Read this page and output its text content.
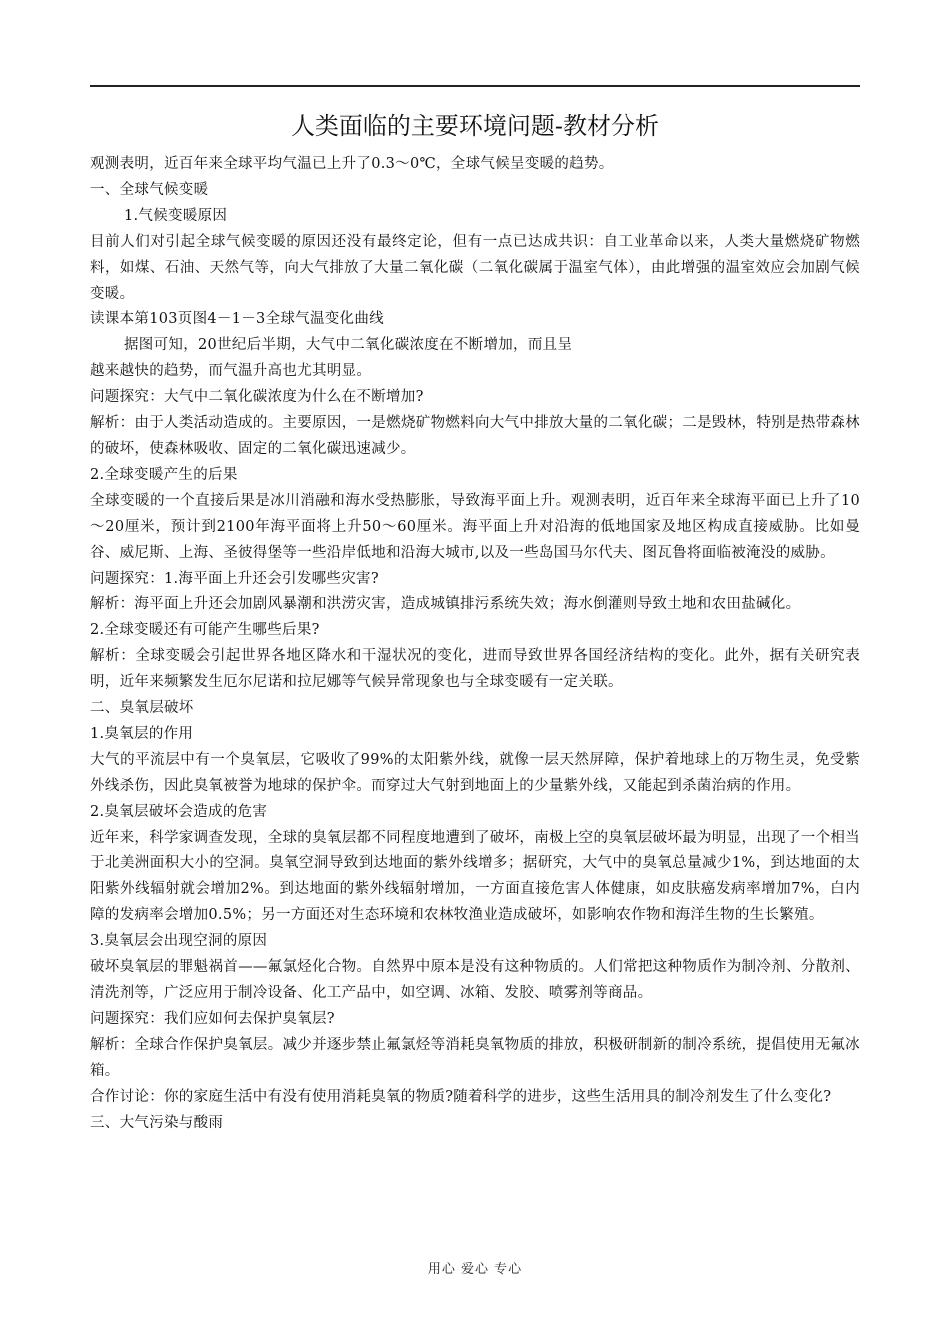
人类面临的主要环境问题-教材分析

观测表明，近百年来全球平均气温已上升了0.3～0℃，全球气候呈变暖的趋势。

一、全球气候变暖

1.气候变暖原因

目前人们对引起全球气候变暖的原因还没有最终定论，但有一点已达成共识：自工业革命以来，人类大量燃烧矿物燃料，如煤、石油、天然气等，向大气排放了大量二氧化碳（二氧化碳属于温室气体），由此增强的温室效应会加剧气候变暖。

读课本第103页图4－1－3全球气温变化曲线

据图可知，20世纪后半期，大气中二氧化碳浓度在不断增加，而且呈

越来越快的趋势，而气温升高也尤其明显。

问题探究：大气中二氧化碳浓度为什么在不断增加?

解析：由于人类活动造成的。主要原因，一是燃烧矿物燃料向大气中排放大量的二氧化碳；二是毁林，特别是热带森林的破坏，使森林吸收、固定的二氧化碳迅速减少。

2.全球变暖产生的后果

全球变暖的一个直接后果是冰川消融和海水受热膨胀，导致海平面上升。观测表明，近百年来全球海平面已上升了10～20厘米，预计到2100年海平面将上升50～60厘米。海平面上升对沿海的低地国家及地区构成直接威胁。比如曼谷、威尼斯、上海、圣彼得堡等一些沿岸低地和沿海大城市,以及一些岛国马尔代夫、图瓦鲁将面临被淹没的威胁。

问题探究：1.海平面上升还会引发哪些灾害?

解析：海平面上升还会加剧风暴潮和洪涝灾害，造成城镇排污系统失效；海水倒灌则导致土地和农田盐碱化。

2.全球变暖还有可能产生哪些后果?

解析：全球变暖会引起世界各地区降水和干湿状况的变化，进而导致世界各国经济结构的变化。此外，据有关研究表明，近年来频繁发生厄尔尼诺和拉尼娜等气候异常现象也与全球变暖有一定关联。

二、臭氧层破坏

1.臭氧层的作用

大气的平流层中有一个臭氧层，它吸收了99%的太阳紫外线，就像一层天然屏障，保护着地球上的万物生灵，免受紫外线杀伤，因此臭氧被誉为地球的保护伞。而穿过大气射到地面上的少量紫外线，又能起到杀菌治病的作用。

2.臭氧层破坏会造成的危害

近年来，科学家调查发现，全球的臭氧层都不同程度地遭到了破坏，南极上空的臭氧层破坏最为明显，出现了一个相当于北美洲面积大小的空洞。臭氧空洞导致到达地面的紫外线增多；据研究，大气中的臭氧总量减少1%，到达地面的太阳紫外线辐射就会增加2%。到达地面的紫外线辐射增加，一方面直接危害人体健康，如皮肤癌发病率增加7%，白内障的发病率会增加0.5%；另一方面还对生态环境和农林牧渔业造成破坏，如影响农作物和海洋生物的生长繁殖。

3.臭氧层会出现空洞的原因

破坏臭氧层的罪魁祸首——氟氯烃化合物。自然界中原本是没有这种物质的。人们常把这种物质作为制冷剂、分散剂、清洗剂等，广泛应用于制冷设备、化工产品中，如空调、冰箱、发胶、喷雾剂等商品。

问题探究：我们应如何去保护臭氧层?

解析：全球合作保护臭氧层。减少并逐步禁止氟氯烃等消耗臭氧物质的排放，积极研制新的制冷系统，提倡使用无氟冰箱。

合作讨论：你的家庭生活中有没有使用消耗臭氧的物质?随着科学的进步，这些生活用具的制冷剂发生了什么变化?

三、大气污染与酸雨

用心 爱心 专心
